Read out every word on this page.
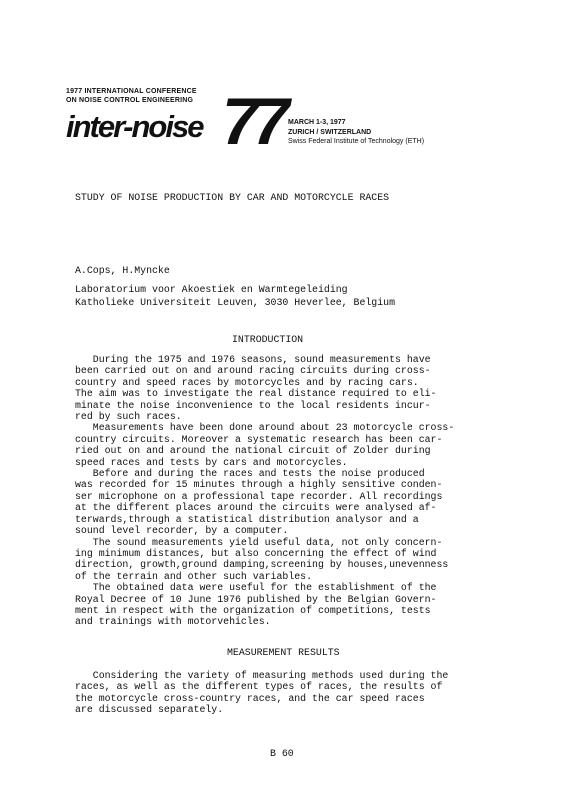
1977 INTERNATIONAL CONFERENCE
ON NOISE CONTROL ENGINEERING
inter-noise 77 MARCH 1-3, 1977
ZURICH / SWITZERLAND
Swiss Federal Institute of Technology (ETH)
STUDY OF NOISE PRODUCTION BY CAR AND MOTORCYCLE RACES
A.Cops, H.Myncke
Laboratorium voor Akoestiek en Warmtegeleiding
Katholieke Universiteit Leuven, 3030 Heverlee, Belgium
INTRODUCTION
During the 1975 and 1976 seasons, sound measurements have
been carried out on and around racing circuits during cross-
country and speed races by motorcycles and by racing cars.
The aim was to investigate the real distance required to eli-
minate the noise inconvenience to the local residents incur-
red by such races.
Measurements have been done around about 23 motorcycle cross-
country circuits. Moreover a systematic research has been car-
ried out on and around the national circuit of Zolder during
speed races and tests by cars and motorcycles.
Before and during the races and tests the noise produced
was recorded for 15 minutes through a highly sensitive conden-
ser microphone on a professional tape recorder. All recordings
at the different places around the circuits were analysed af-
terwards,through a statistical distribution analysor and a
sound level recorder, by a computer.
The sound measurements yield useful data, not only concern-
ing minimum distances, but also concerning the effect of wind
direction, growth,ground damping,screening by houses,unevenness
of the terrain and other such variables.
The obtained data were useful for the establishment of the
Royal Decree of 10 June 1976 published by the Belgian Govern-
ment in respect with the organization of competitions, tests
and trainings with motorvehicles.
MEASUREMENT RESULTS
Considering the variety of measuring methods used during the
races, as well as the different types of races, the results of
the motorcycle cross-country races, and the car speed races
are discussed separately.
B 60
